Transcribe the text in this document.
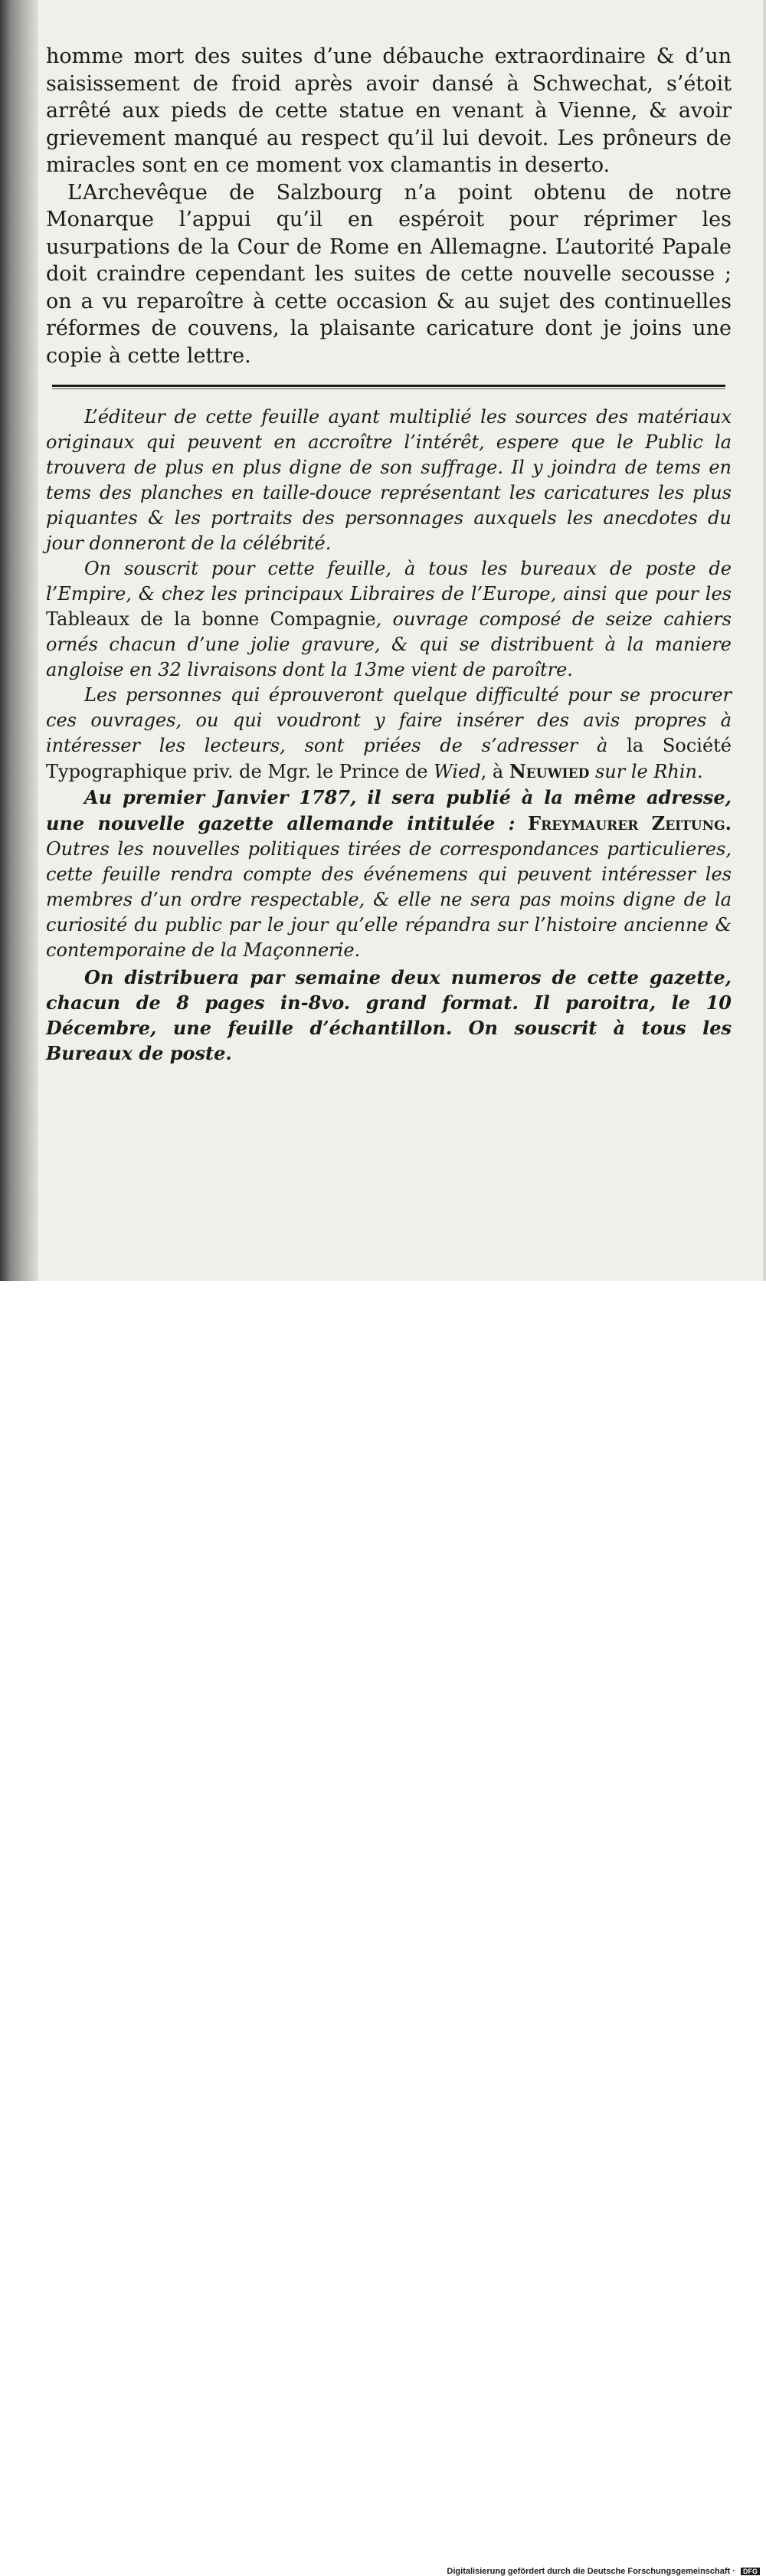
homme mort des suites d’une débauche extraordinaire & d’un saisissement de froid après avoir dansé à Schwechat, s’étoit arrêté aux pieds de cette statue en venant à Vienne, & avoir grievement manqué au respect qu’il lui devoit. Les prôneurs de miracles sont en ce moment vox clamantis in deserto.

L’Archevêque de Salzbourg n’a point obtenu de notre Monarque l’appui qu’il en espéroit pour réprimer les usurpations de la Cour de Rome en Allemagne. L’autorité Papale doit craindre cependant les suites de cette nouvelle secousse ; on a vu reparoître à cette occasion & au sujet des continuelles réformes de couvens, la plaisante caricature dont je joins une copie à cette lettre.

L’éditeur de cette feuille ayant multiplié les sources des matériaux originaux qui peuvent en accroître l’intérêt, espere que le Public la trouvera de plus en plus digne de son suffrage. Il y joindra de tems en tems des planches en taille-douce représentant les caricatures les plus piquantes & les portraits des personnages auxquels les anecdotes du jour donneront de la célébrité.

On souscrit pour cette feuille, à tous les bureaux de poste de l’Empire, & chez les principaux Libraires de l’Europe, ainsi que pour les Tableaux de la bonne Compagnie, ouvrage composé de seize cahiers ornés chacun d’une jolie gravure, & qui se distribuent à la maniere angloise en 32 livraisons dont la 13me vient de paroître.

Les personnes qui éprouveront quelque difficulté pour se procurer ces ouvrages, ou qui voudront y faire insérer des avis propres à intéresser les lecteurs, sont priées de s’adresser à la Société Typographique priv. de Mgr. le Prince de Wied, à Neuwied sur le Rhin.

Au premier Janvier 1787, il sera publié à la même adresse, une nouvelle gazette allemande intitulée : Freymaurer Zeitung. Outres les nouvelles politiques tirées de correspondances particulieres, cette feuille rendra compte des événemens qui peuvent intéresser les membres d’un ordre respectable, & elle ne sera pas moins digne de la curiosité du public par le jour qu’elle répandra sur l’histoire ancienne & contemporaine de la Maçonnerie.

On distribuera par semaine deux numeros de cette gazette, chacun de 8 pages in-8vo. grand format. Il paroitra, le 10 Décembre, une feuille d’échantillon. On souscrit à tous les Bureaux de poste.

Digitalisierung gefördert durch die Deutsche Forschungsgemeinschaft · DFG
